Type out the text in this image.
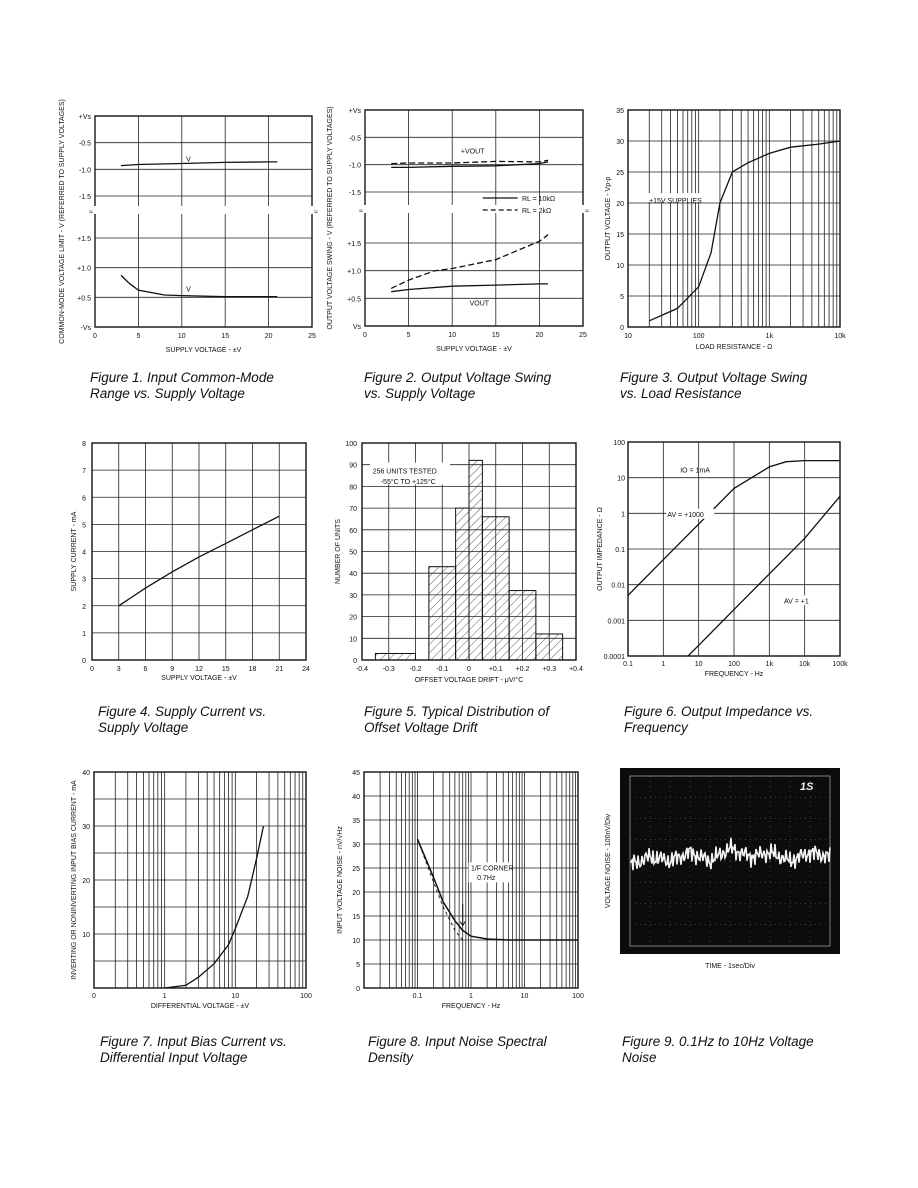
≈	≈
+Vs
-0.5
-1.0
-1.5
+1.5
+1.0
+0.5
-Vs
0	5	10	15	20	25
SUPPLY VOLTAGE - ±V
COMMON-MODE VOLTAGE LIMIT - V (REFERRED TO SUPPLY VOLTAGES)	V
V
Figure 1. Input Common-Mode
Range vs. Supply Voltage
≈	≈
+Vs
-0.5
-1.0
-1.5
+1.5
+1.0
+0.5
Vs
0	5	10	15	20	25
SUPPLY VOLTAGE - ±V
OUTPUT VOLTAGE SWING - V (REFERRED TO SUPPLY VOLTAGES)	+VOUT
VOUT
RL = 10kΩ
RL = 2kΩ
Figure 2. Output Voltage Swing
vs. Supply Voltage
0
5
10
15
20
25
30
35
10	100	1k	10k
LOAD RESISTANCE - Ω
OUTPUT VOLTAGE - Vp-p	±15V SUPPLIES
Figure 3. Output Voltage Swing
vs. Load Resistance
0
1
2
3
4
5
6
7
8
0	3	6	9	12	15	18	21	24
SUPPLY VOLTAGE - ±V
SUPPLY CURRENT - mA
Figure 4. Supply Current vs.
Supply Voltage
0
10
20
30
40
50
60
70
80
90
100
-0.4 -0.3 -0.2 -0.1	0	+0.1 +0.2 +0.3 +0.4
OFFSET VOLTAGE DRIFT - μV/°C
NUMBER OF UNITS
256 UNITS TESTED
-55°C TO +125°C
Figure 5. Typical Distribution of
Offset Voltage Drift
0.0001
0.001
0.01
0.1
1
10
100
0.1	1	10	100	1k	10k	100k
FREQUENCY - Hz
OUTPUT IMPEDANCE - Ω
IO = 1mA
AV = +1000
AV = +1
Figure 6. Output Impedance vs.
Frequency
10
20
30
40
0	1	10	100
DIFFERENTIAL VOLTAGE - ±V
INVERTING OR NONINVERTING INPUT BIAS CURRENT - mA
Figure 7. Input Bias Current vs.
Differential Input Voltage
0
5
10
15
20
25
30
35
40
45
0.1	1	10	100
FREQUENCY - Hz
INPUT VOLTAGE NOISE - nV/√Hz	1/F CORNER
0.7Hz
Figure 8. Input Noise Spectral
Density
1S
TIME - 1sec/Div
VOLTAGE NOISE - 100nV/Div
Figure 9. 0.1Hz to 10Hz Voltage
Noise
